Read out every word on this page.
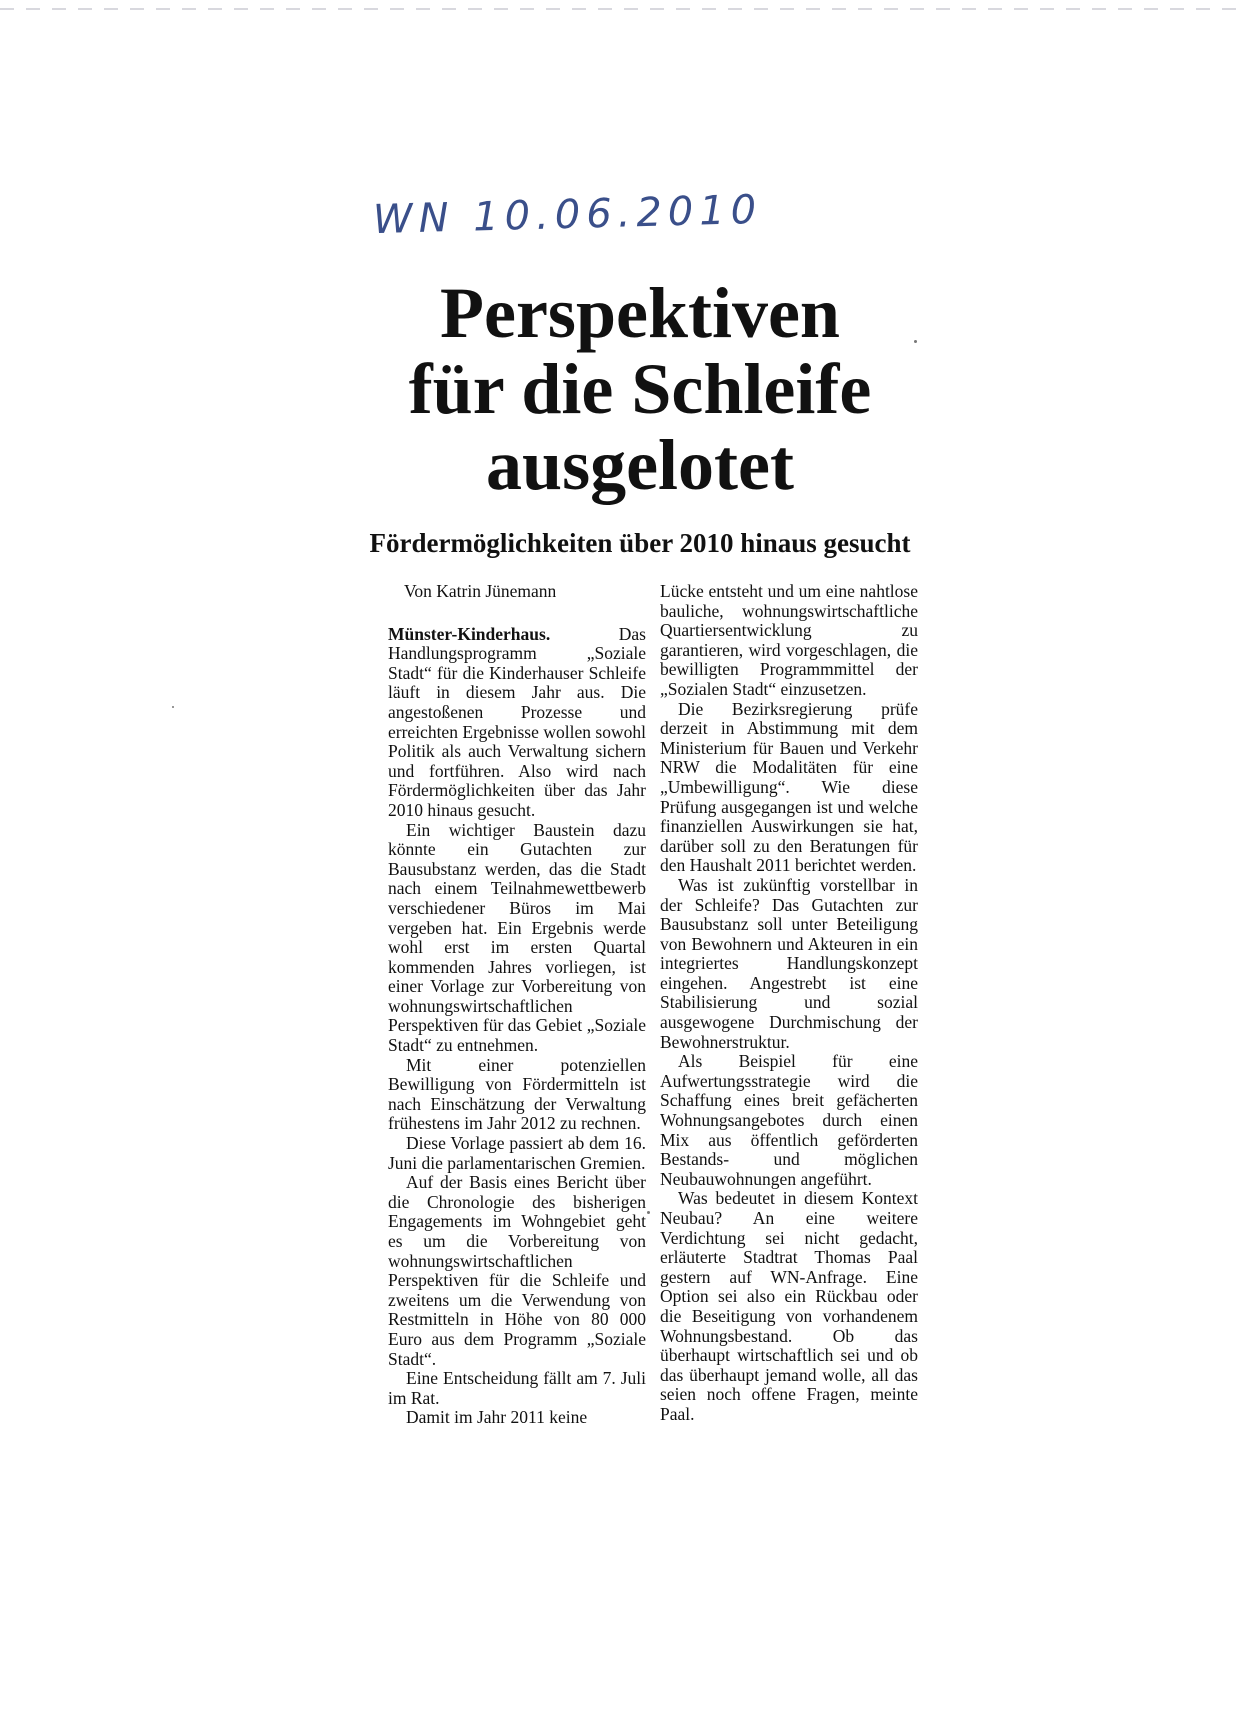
WN 10.06.2010
Perspektiven
für die Schleife
ausgelotet
Fördermöglichkeiten über 2010 hinaus gesucht
Von Katrin Jünemann

Münster-Kinderhaus.	Das Handlungsprogramm „Soziale Stadt“ für die Kinderhauser Schleife läuft in diesem Jahr aus. Die angestoßenen Prozesse und erreichten Ergebnisse wollen sowohl Politik als auch Verwaltung sichern und fortführen. Also wird nach Fördermöglichkeiten über das Jahr 2010 hinaus gesucht.

Ein wichtiger Baustein dazu könnte ein Gutachten zur Bausubstanz werden, das die Stadt nach einem Teilnahmewettbewerb verschiedener Büros im Mai vergeben hat. Ein Ergebnis werde wohl erst im ersten Quartal kommenden Jahres vorliegen, ist einer Vorlage zur Vorbereitung von wohnungswirtschaftlichen Perspektiven für das Gebiet „Soziale Stadt“ zu entnehmen.

Mit einer potenziellen Bewilligung von Fördermitteln ist nach Einschätzung der Verwaltung frühestens im Jahr 2012 zu rechnen.

Diese Vorlage passiert ab dem 16. Juni die parlamentarischen Gremien.

Auf der Basis eines Bericht über die Chronologie des bisherigen Engagements im Wohngebiet geht es um die Vorbereitung von wohnungswirtschaftlichen Perspektiven für die Schleife und zweitens um die Verwendung von Restmitteln in Höhe von 80 000 Euro aus dem Programm „Soziale Stadt“.

Eine Entscheidung fällt am 7. Juli im Rat.

Damit im Jahr 2011 keine

Lücke entsteht und um eine nahtlose bauliche, wohnungswirtschaftliche Quartiersentwicklung zu garantieren, wird vorgeschlagen, die bewilligten Programmmittel der „Sozialen Stadt“ einzusetzen.

Die Bezirksregierung prüfe derzeit in Abstimmung mit dem Ministerium für Bauen und Verkehr NRW die Modalitäten für eine „Umbewilligung“. Wie diese Prüfung ausgegangen ist und welche finanziellen Auswirkungen sie hat, darüber soll zu den Beratungen für den Haushalt 2011 berichtet werden.

Was ist zukünftig vorstellbar in der Schleife? Das Gutachten zur Bausubstanz soll unter Beteiligung von Bewohnern und Akteuren in ein integriertes Handlungskonzept eingehen. Angestrebt ist eine Stabilisierung und sozial ausgewogene Durchmischung der Bewohnerstruktur.

Als Beispiel für eine Aufwertungsstrategie wird die Schaffung eines breit gefächerten Wohnungsangebotes durch einen Mix aus öffentlich geförderten Bestands- und möglichen Neubauwohnungen angeführt.

Was bedeutet in diesem Kontext Neubau? An eine weitere Verdichtung sei nicht gedacht, erläuterte Stadtrat Thomas Paal gestern auf WN-Anfrage. Eine Option sei also ein Rückbau oder die Beseitigung von vorhandenem Wohnungsbestand. Ob das überhaupt wirtschaftlich sei und ob das überhaupt jemand wolle, all das seien noch offene Fragen, meinte Paal.
